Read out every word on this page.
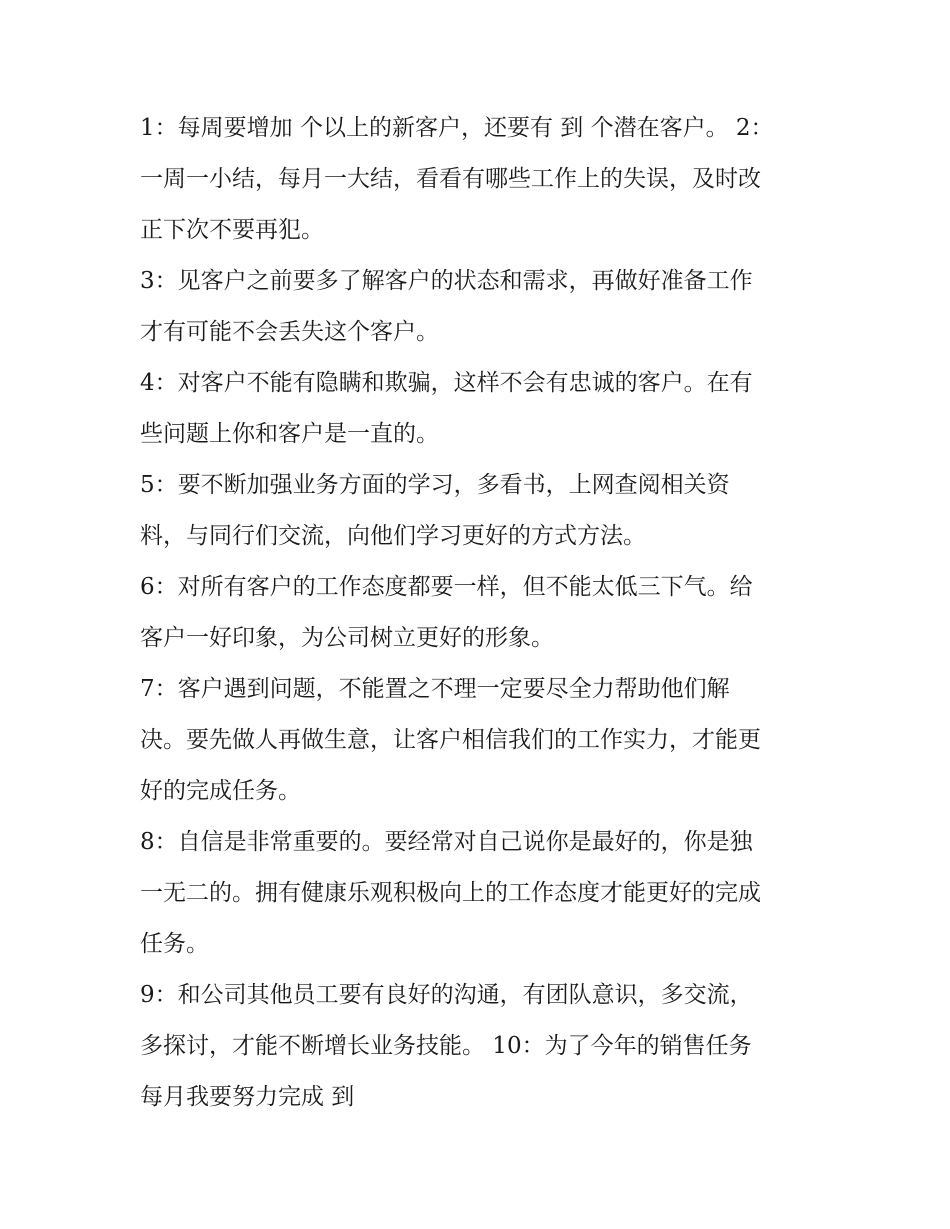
1：每周要增加 个以上的新客户，还要有 到 个潜在客户。 2：
一周一小结，每月一大结，看看有哪些工作上的失误，及时改
正下次不要再犯。
3：见客户之前要多了解客户的状态和需求，再做好准备工作
才有可能不会丢失这个客户。
4：对客户不能有隐瞒和欺骗，这样不会有忠诚的客户。在有
些问题上你和客户是一直的。
5：要不断加强业务方面的学习，多看书，上网查阅相关资
料，与同行们交流，向他们学习更好的方式方法。
6：对所有客户的工作态度都要一样，但不能太低三下气。给
客户一好印象，为公司树立更好的形象。
7：客户遇到问题，不能置之不理一定要尽全力帮助他们解
决。要先做人再做生意，让客户相信我们的工作实力，才能更
好的完成任务。
8：自信是非常重要的。要经常对自己说你是最好的，你是独
一无二的。拥有健康乐观积极向上的工作态度才能更好的完成
任务。
9：和公司其他员工要有良好的沟通，有团队意识，多交流，
多探讨，才能不断增长业务技能。 10：为了今年的销售任务
每月我要努力完成 到
